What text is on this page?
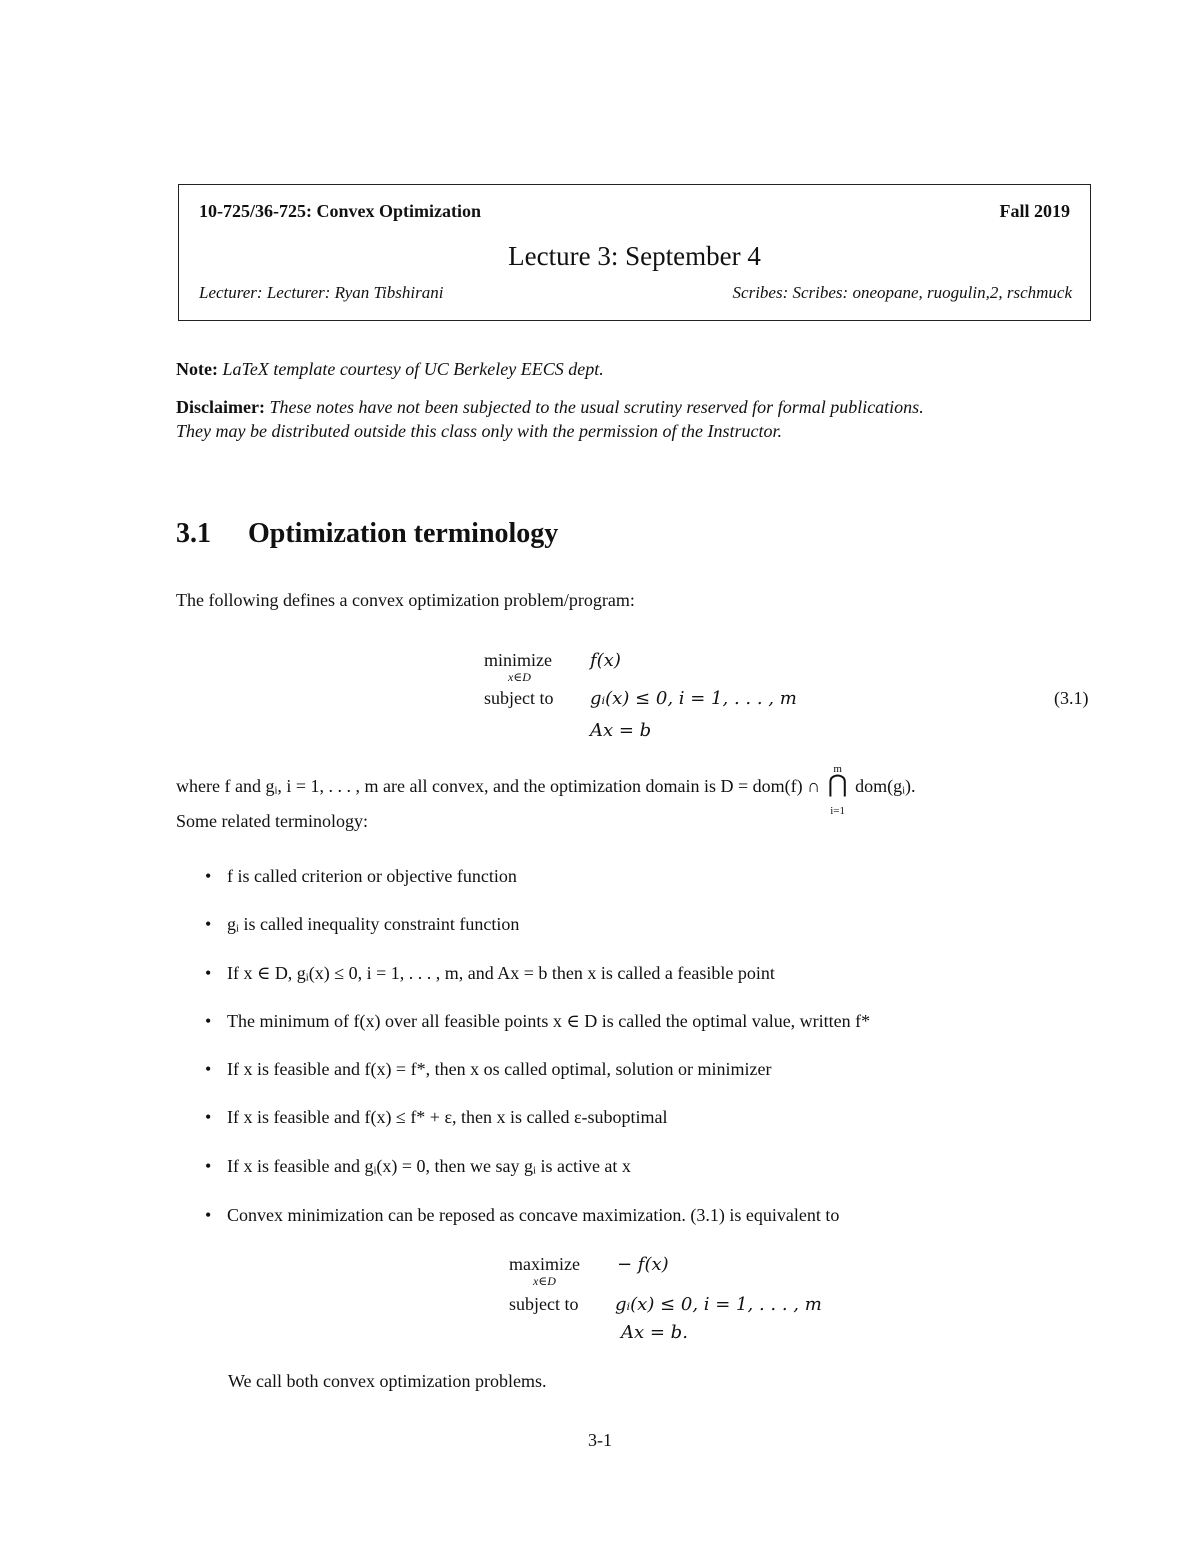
10-725/36-725: Convex Optimization	Fall 2019
Lecture 3: September 4
Lecturer: Lecturer: Ryan Tibshirani	Scribes: Scribes: oneopane, ruogulin,2, rschmuck
Note: LaTeX template courtesy of UC Berkeley EECS dept.
Disclaimer: These notes have not been subjected to the usual scrutiny reserved for formal publications.
They may be distributed outside this class only with the permission of the Instructor.
3.1 Optimization terminology
The following defines a convex optimization problem/program:
minimize
x∈D
f(x)
subject to gᵢ(x) ≤ 0, i = 1, . . . , m
Ax = b
(3.1)
where f and gᵢ, i = 1, . . . , m are all convex, and the optimization domain is D = dom(f) ∩
m
⋂
i=1
dom(gᵢ).
Some related terminology:
• f is called criterion or objective function
• gᵢ is called inequality constraint function
• If x ∈ D, gᵢ(x) ≤ 0, i = 1, . . . , m, and Ax = b then x is called a feasible point
• The minimum of f(x) over all feasible points x ∈ D is called the optimal value, written f*
• If x is feasible and f(x) = f*, then x os called optimal, solution or minimizer
• If x is feasible and f(x) ≤ f* + ε, then x is called ε-suboptimal
• If x is feasible and gᵢ(x) = 0, then we say gᵢ is active at x
• Convex minimization can be reposed as concave maximization. (3.1) is equivalent to
maximize
x∈D
− f(x)
subject to gᵢ(x) ≤ 0, i = 1, . . . , m
Ax = b.
We call both convex optimization problems.
3-1
